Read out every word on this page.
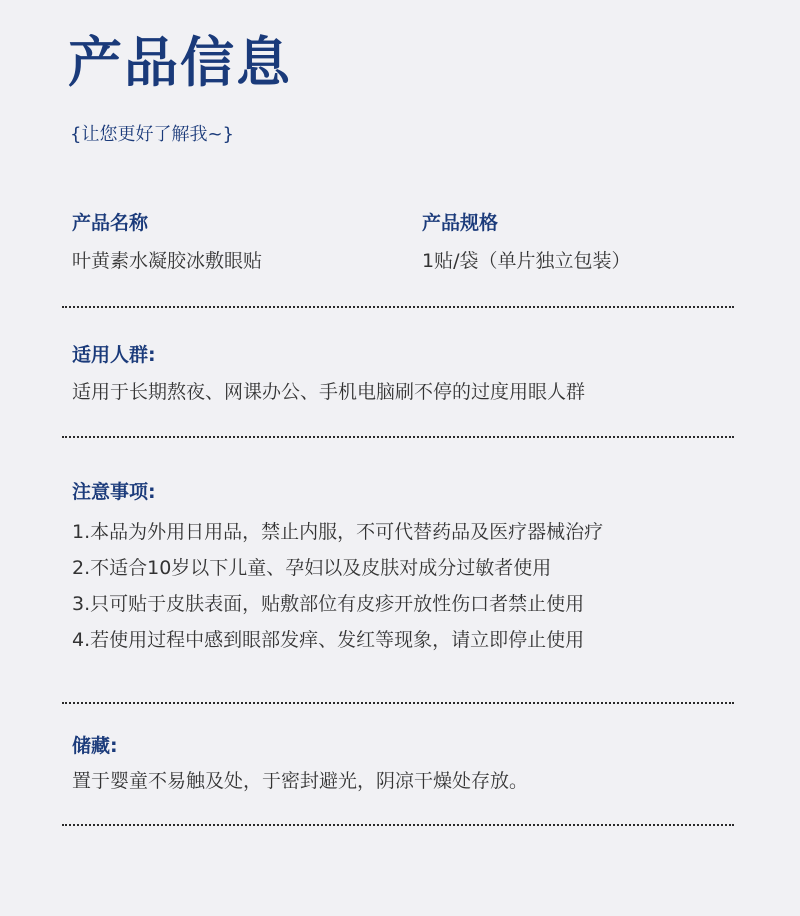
产品信息
{让您更好了解我~}
产品名称
叶黄素水凝胶冰敷眼贴
产品规格
1贴/袋（单片独立包装）
适用人群:
适用于长期熬夜、网课办公、手机电脑刷不停的过度用眼人群
注意事项:
1.本品为外用日用品，禁止内服，不可代替药品及医疗器械治疗
2.不适合10岁以下儿童、孕妇以及皮肤对成分过敏者使用
3.只可贴于皮肤表面，贴敷部位有皮疹开放性伤口者禁止使用
4.若使用过程中感到眼部发痒、发红等现象，请立即停止使用
储藏:
置于婴童不易触及处，于密封避光，阴凉干燥处存放。
